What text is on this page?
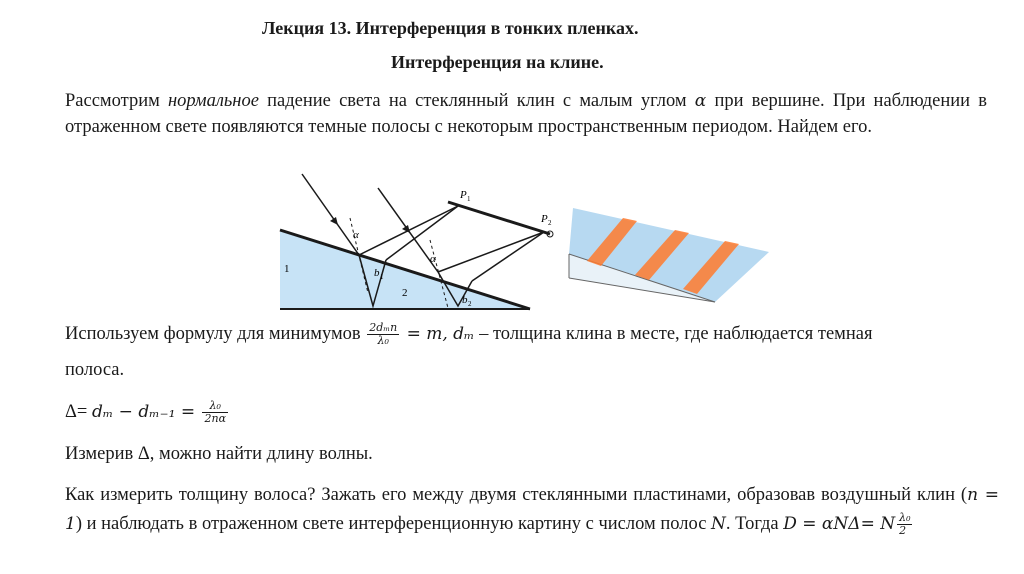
Лекция 13. Интерференция в тонких пленках.
Интерференция на клине.
Рассмотрим нормальное падение света на стеклянный клин с малым углом α при вершине. При наблюдении в отраженном свете появляются темные полосы с некоторым пространственным периодом. Найдем его.
1
2
α
α
b 1
b 2
P 1
P 2
Используем формулу для минимумов $\frac{\text{2dₘn}}{\text{λ₀}} = m$, dₘ – толщина клина в месте, где наблюдается темная
полоса.
$\Delta= d_m - d_{m-1} = \frac{\text{λ₀}}{2n\alpha}$
Измерив Δ, можно найти длину волны.
Как измерить толщину волоса? Зажать его между двумя стеклянными пластинами, образовав воздушный клин (n = 1) и наблюдать в отраженном свете интерференционную картину с числом полос N. Тогда D = αNΔ= N $\frac{\text{λ₀}}{2}$
